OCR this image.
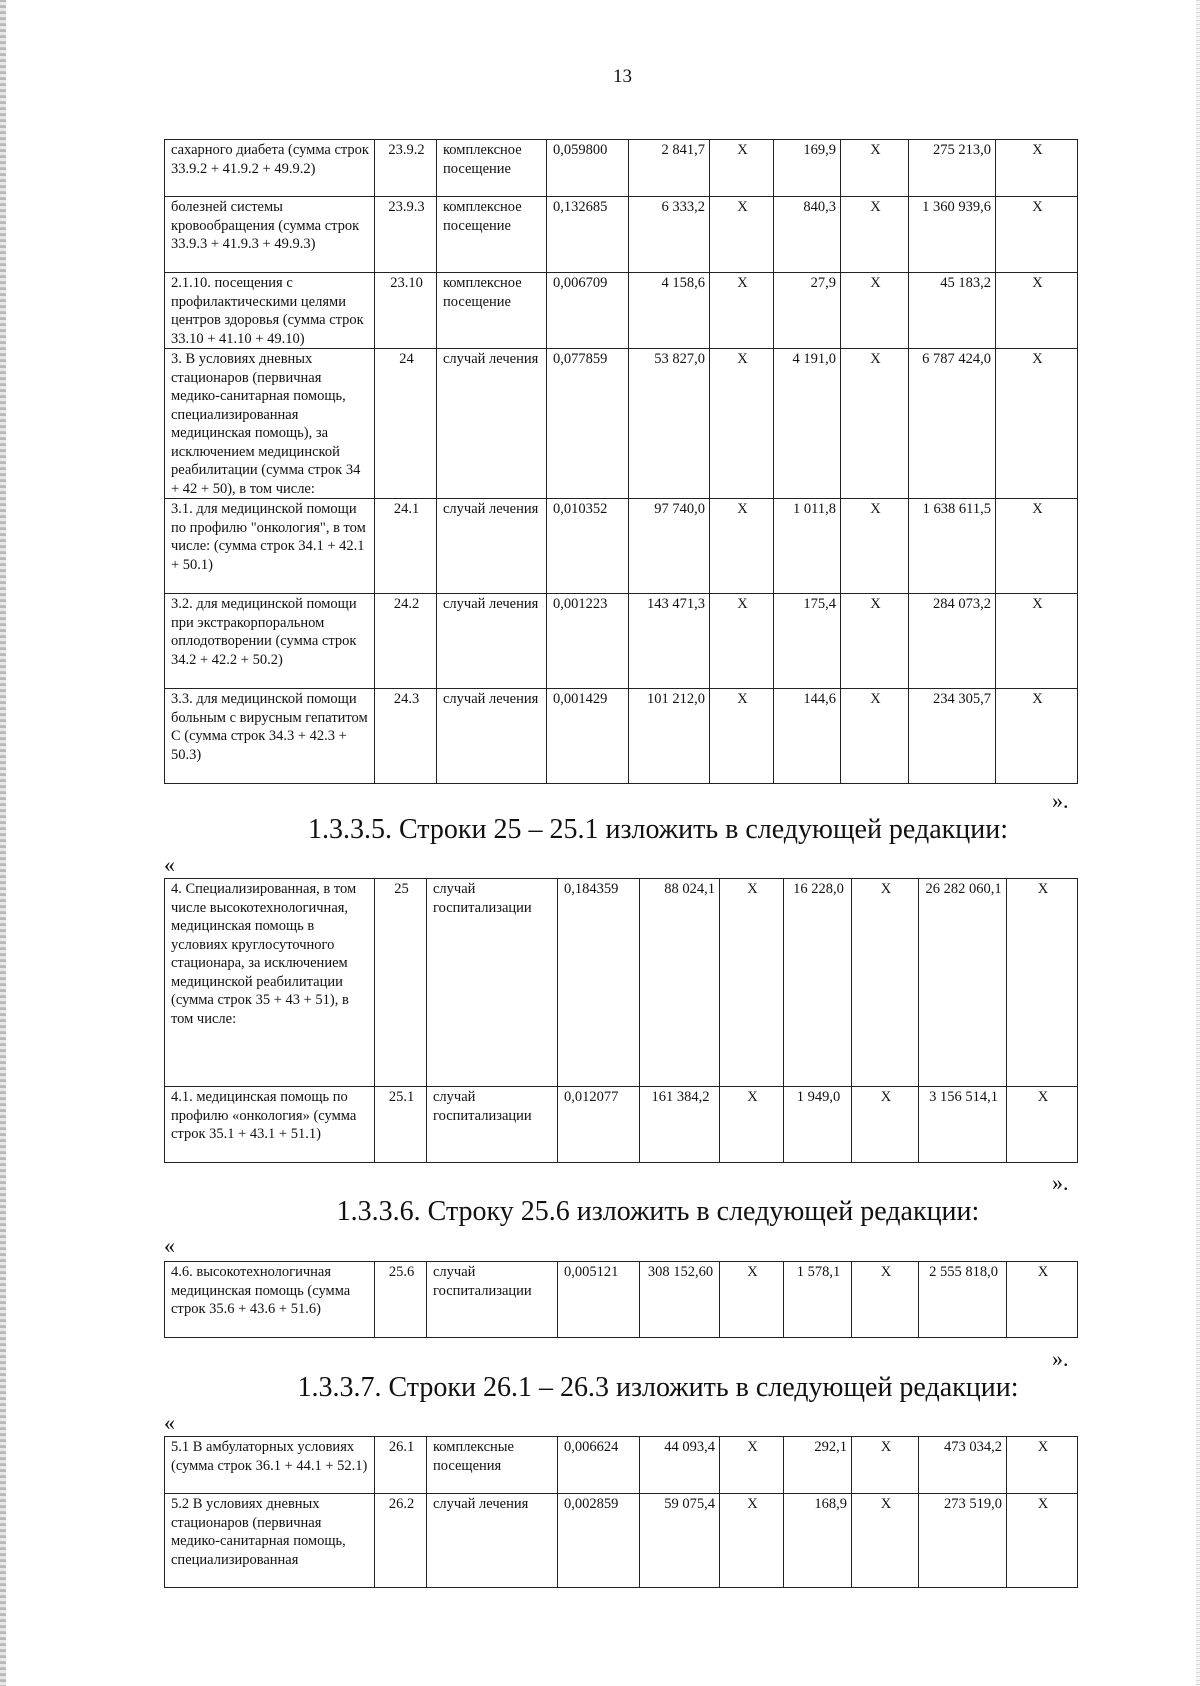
13
сахарного диабета (сумма строк 33.9.2 + 41.9.2 + 49.9.2)	23.9.2	комплексное посещение	0,059800	2 841,7	X	169,9	X	275 213,0	X
болезней системы кровообращения (сумма строк 33.9.3 + 41.9.3 + 49.9.3)	23.9.3	комплексное посещение	0,132685	6 333,2	X	840,3	X	1 360 939,6	X
2.1.10. посещения с профилактическими целями центров здоровья (сумма строк 33.10 + 41.10 + 49.10)	23.10	комплексное посещение	0,006709	4 158,6	X	27,9	X	45 183,2	X
3. В условиях дневных стационаров (первичная медико-санитарная помощь, специализированная медицинская помощь), за исключением медицинской реабилитации (сумма строк 34 + 42 + 50), в том числе:	24	случай лечения	0,077859	53 827,0	X	4 191,0	X	6 787 424,0	X
3.1. для медицинской помощи по профилю "онкология", в том числе: (сумма строк 34.1 + 42.1 + 50.1)	24.1	случай лечения	0,010352	97 740,0	X	1 011,8	X	1 638 611,5	X
3.2. для медицинской помощи при экстракорпоральном оплодотворении (сумма строк 34.2 + 42.2 + 50.2)	24.2	случай лечения	0,001223	143 471,3	X	175,4	X	284 073,2	X
3.3. для медицинской помощи больным с вирусным гепатитом С (сумма строк 34.3 + 42.3 + 50.3)	24.3	случай лечения	0,001429	101 212,0	X	144,6	X	234 305,7	X
».
1.3.3.5. Строки 25 – 25.1 изложить в следующей редакции:
«
4. Специализированная, в том числе высокотехнологичная, медицинская помощь в условиях круглосуточного стационара, за исключением медицинской реабилитации (сумма строк 35 + 43 + 51), в том числе:	25	случай госпитализации	0,184359	88 024,1	X	16 228,0	X	26 282 060,1	X
4.1. медицинская помощь по профилю «онкология» (сумма строк 35.1 + 43.1 + 51.1)	25.1	случай госпитализации	0,012077	161 384,2	X	1 949,0	X	3 156 514,1	X
».
1.3.3.6. Строку 25.6 изложить в следующей редакции:
«
4.6. высокотехнологичная медицинская помощь (сумма строк 35.6 + 43.6 + 51.6)	25.6	случай госпитализации	0,005121	308 152,60	X	1 578,1	X	2 555 818,0	X
».
1.3.3.7. Строки 26.1 – 26.3 изложить в следующей редакции:
«
5.1 В амбулаторных условиях (сумма строк 36.1 + 44.1 + 52.1)	26.1	комплексные посещения	0,006624	44 093,4	X	292,1	X	473 034,2	X
5.2 В условиях дневных стационаров (первичная медико-санитарная помощь, специализированная	26.2	случай лечения	0,002859	59 075,4	X	168,9	X	273 519,0	X
